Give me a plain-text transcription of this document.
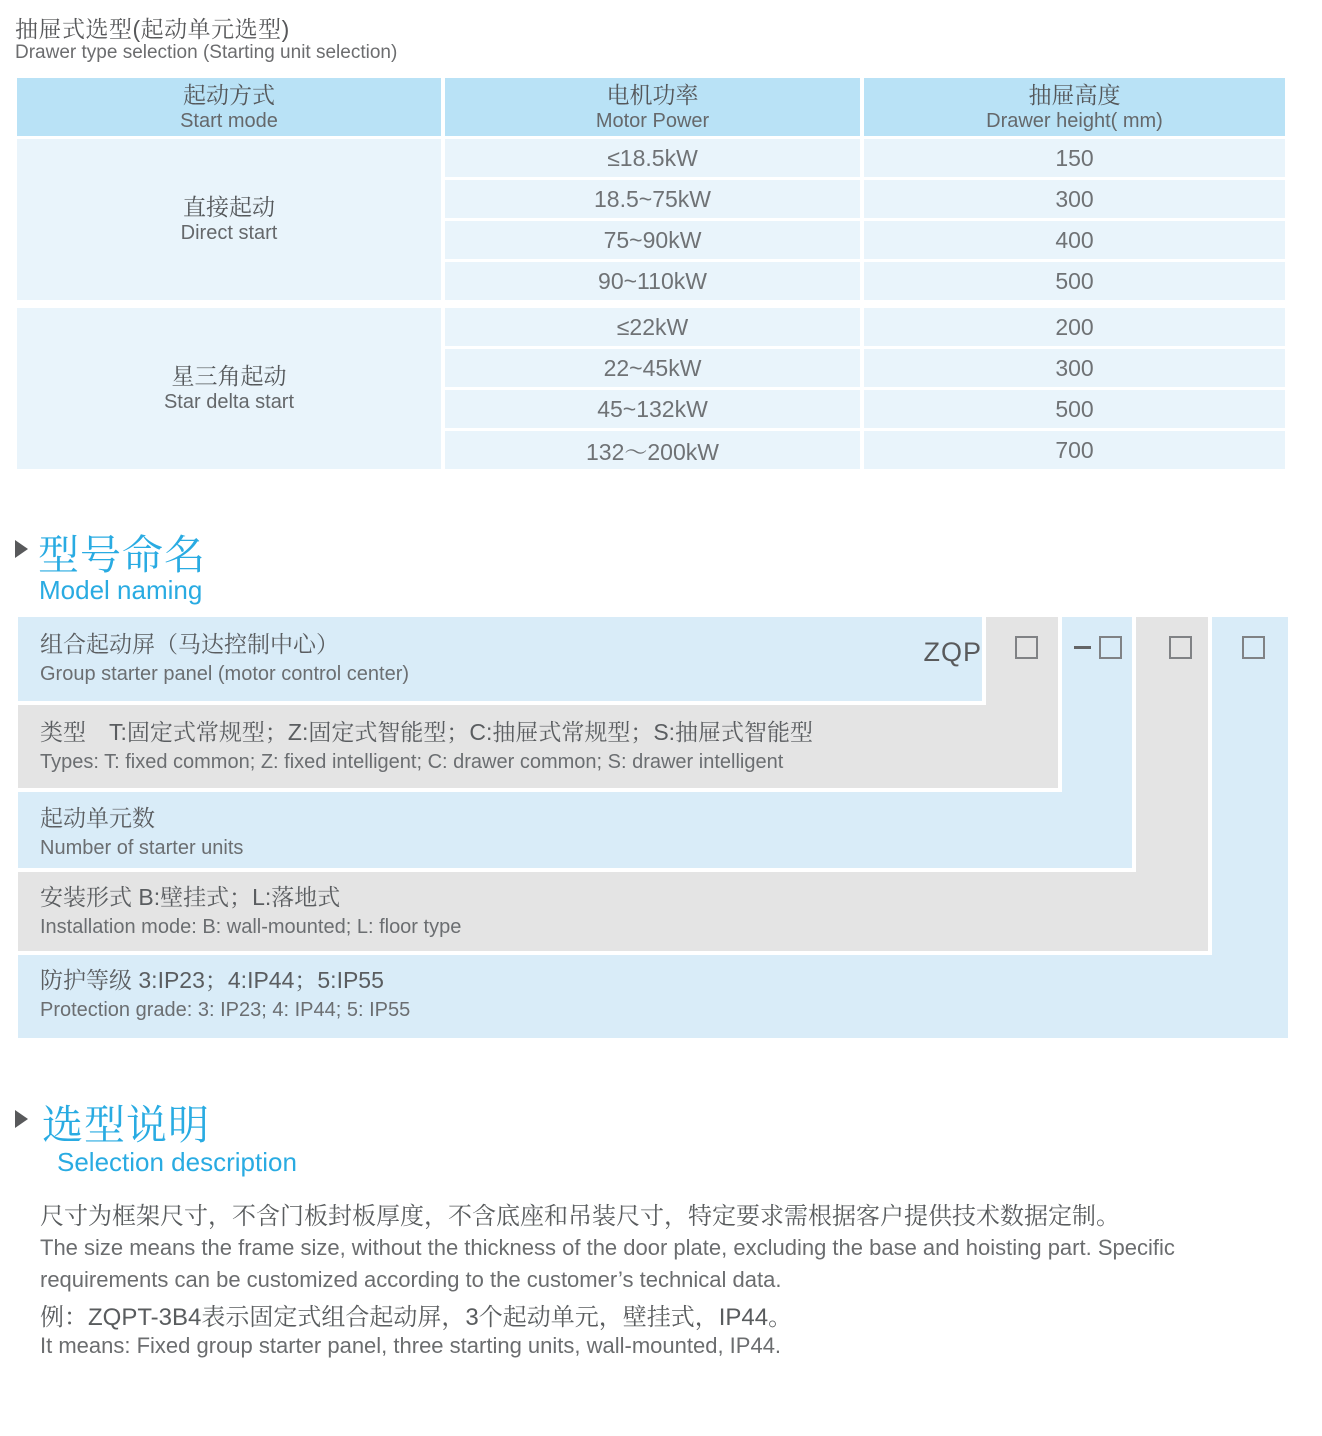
抽屉式选型(起动单元选型)
Drawer type selection (Starting unit selection)
起动方式
Start mode
直接起动
Direct start
星三角起动
Star delta start
电机功率
Motor Power
≤18.5kW
18.5~75kW
75~90kW
90~110kW
≤22kW
22~45kW
45~132kW
132～200kW
抽屉高度
Drawer height( mm)
150
300
400
500
200
300
500
700
型号命名
Model naming
ZQP
组合起动屏（马达控制中心）
Group starter panel (motor control center)
类型　T:固定式常规型；Z:固定式智能型；C:抽屉式常规型；S:抽屉式智能型
Types: T: fixed common; Z: fixed intelligent; C: drawer common; S: drawer intelligent
起动单元数
Number of starter units
安装形式 B:壁挂式；L:落地式
Installation mode: B: wall-mounted; L: floor type
防护等级 3:IP23；4:IP44；5:IP55
Protection grade: 3: IP23; 4: IP44; 5: IP55
选型说明
Selection description
尺寸为框架尺寸，不含门板封板厚度，不含底座和吊装尺寸，特定要求需根据客户提供技术数据定制。
The size means the frame size, without the thickness of the door plate, excluding the base and hoisting part. Specific requirements can be customized according to the customer’s technical data.
例：ZQPT-3B4表示固定式组合起动屏，3个起动单元，壁挂式，IP44。
It means: Fixed group starter panel, three starting units, wall-mounted, IP44.
